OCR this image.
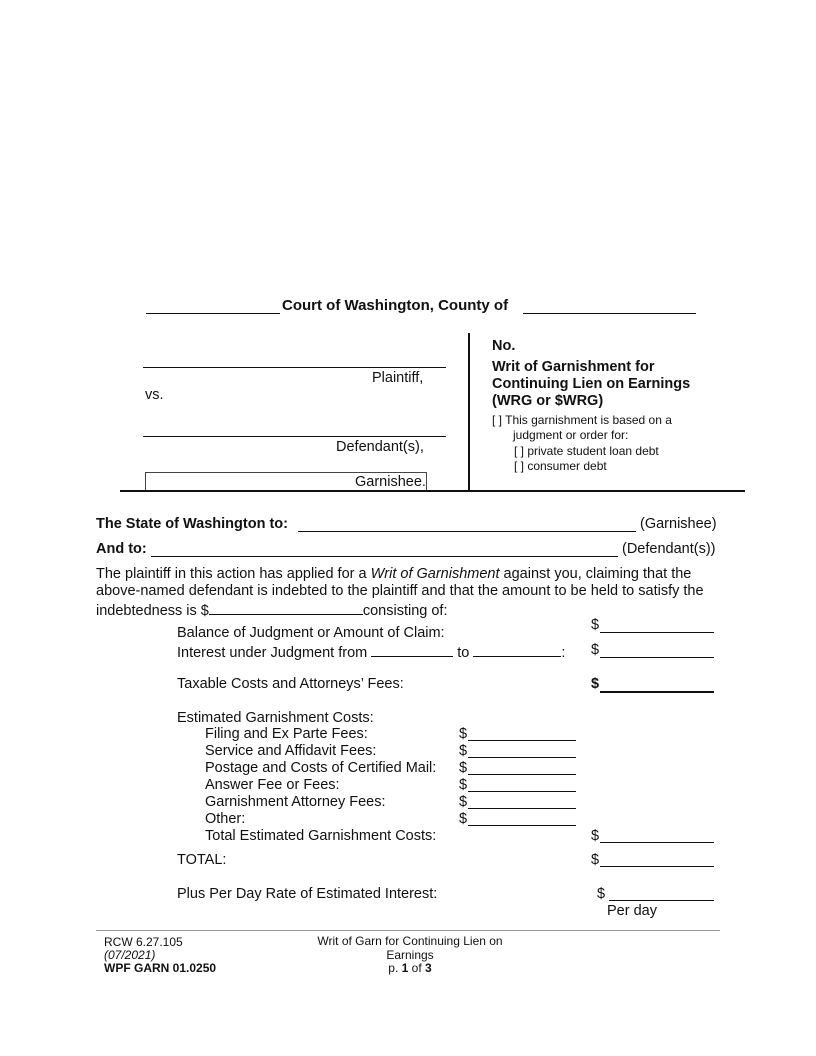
Court of Washington, County of
Plaintiff,
vs.
Defendant(s),
Garnishee.
No.
Writ of Garnishment for
Continuing Lien on Earnings
(WRG or $WRG)
[ ] This garnishment is based on a
judgment or order for:
[ ] private student loan debt
[ ] consumer debt
The State of Washington to:	(Garnishee)
And to:	(Defendant(s))
The plaintiff in this action has applied for a Writ of Garnishment against you, claiming that the
above-named defendant is indebted to the plaintiff and that the amount to be held to satisfy the
indebtedness is $	consisting of:
Balance of Judgment or Amount of Claim:	$
Interest under Judgment from	to	: $
Taxable Costs and Attorneys’ Fees:	$
Estimated Garnishment Costs:
Filing and Ex Parte Fees:	$
Service and Affidavit Fees:	$
Postage and Costs of Certified Mail: $
Answer Fee or Fees:	$
Garnishment Attorney Fees:	$
Other:	$
Total Estimated Garnishment Costs:	$
TOTAL:	$
Plus Per Day Rate of Estimated Interest:	$
Per day
RCW 6.27.105
(07/2021)
WPF GARN 01.0250
Writ of Garn for Continuing Lien on
Earnings
p. 1 of 3
